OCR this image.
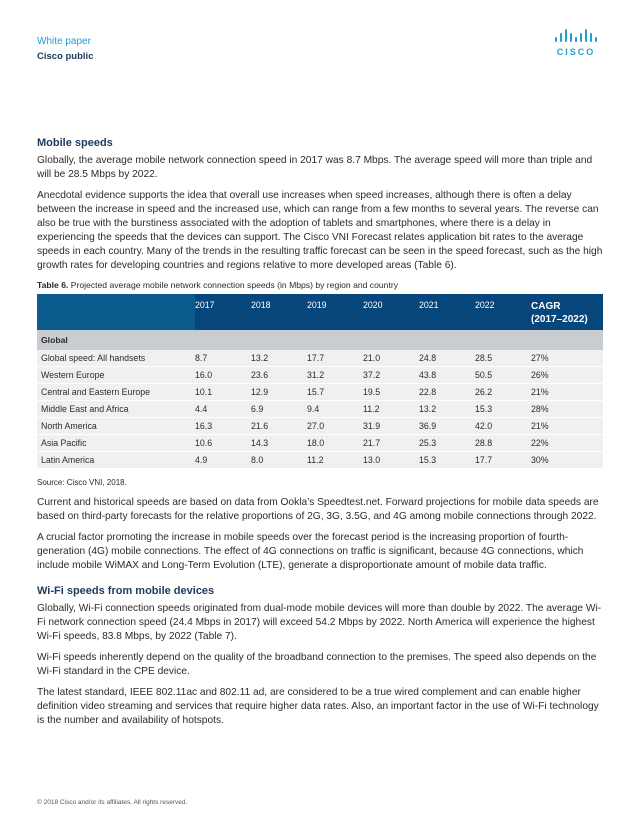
White paper
Cisco public	CISCO
Mobile speeds

Globally, the average mobile network connection speed in 2017 was 8.7 Mbps. The average speed will more than triple and will be 28.5 Mbps by 2022.

Anecdotal evidence supports the idea that overall use increases when speed increases, although there is often a delay between the increase in speed and the increased use, which can range from a few months to several years. The reverse can also be true with the burstiness associated with the adoption of tablets and smartphones, where there is a delay in experiencing the speeds that the devices can support. The Cisco VNI Forecast relates application bit rates to the average speeds in each country. Many of the trends in the resulting traffic forecast can be seen in the speed forecast, such as the high growth rates for developing countries and regions relative to more developed areas (Table 6).

Table 6. Projected average mobile network connection speeds (in Mbps) by region and country
	2017	2018	2019	2020	2021	2022	CAGR
(2017–2022)

Global							
Global speed: All handsets	8.7	13.2	17.7	21.0	24.8	28.5	27%
Western Europe	16.0	23.6	31.2	37.2	43.8	50.5	26%
Central and Eastern Europe	10.1	12.9	15.7	19.5	22.8	26.2	21%
Middle East and Africa	4.4	6.9	9.4	11.2	13.2	15.3	28%
North America	16.3	21.6	27.0	31.9	36.9	42.0	21%
Asia Pacific	10.6	14.3	18.0	21.7	25.3	28.8	22%
Latin America	4.9	8.0	11.2	13.0	15.3	17.7	30%
Source: Cisco VNI, 2018.

Current and historical speeds are based on data from Ookla’s Speedtest.net. Forward projections for mobile data speeds are based on third-party forecasts for the relative proportions of 2G, 3G, 3.5G, and 4G among mobile connections through 2022.

A crucial factor promoting the increase in mobile speeds over the forecast period is the increasing proportion of fourth-generation (4G) mobile connections. The effect of 4G connections on traffic is significant, because 4G connections, which include mobile WiMAX and Long-Term Evolution (LTE), generate a disproportionate amount of mobile data traffic.

Wi-Fi speeds from mobile devices

Globally, Wi-Fi connection speeds originated from dual-mode mobile devices will more than double by 2022. The average Wi-Fi network connection speed (24.4 Mbps in 2017) will exceed 54.2 Mbps by 2022. North America will experience the highest Wi-Fi speeds, 83.8 Mbps, by 2022 (Table 7).

Wi-Fi speeds inherently depend on the quality of the broadband connection to the premises. The speed also depends on the Wi-Fi standard in the CPE device.

The latest standard, IEEE 802.11ac and 802.11 ad, are considered to be a true wired complement and can enable higher definition video streaming and services that require higher data rates. Also, an important factor in the use of Wi-Fi technology is the number and availability of hotspots.

© 2018 Cisco and/or its affiliates. All rights reserved.
